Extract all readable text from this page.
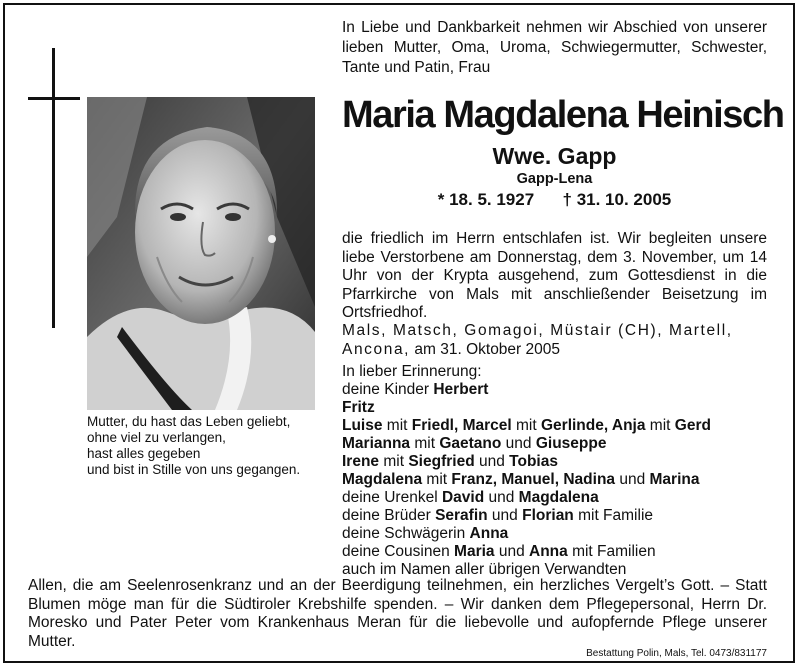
Mutter, du hast das Leben geliebt,
ohne viel zu verlangen,
hast alles gegeben
und bist in Stille von uns gegangen.
In Liebe und Dankbarkeit nehmen wir Abschied von unserer lieben Mutter, Oma, Uroma, Schwiegermutter, Schwester, Tante und Patin, Frau
Maria Magdalena Heinisch
Wwe. Gapp
Gapp-Lena
* 18. 5. 1927 † 31. 10. 2005
die friedlich im Herrn entschlafen ist. Wir begleiten unsere liebe Verstorbene am Donnerstag, dem 3. November, um 14 Uhr von der Krypta ausgehend, zum Gottesdienst in die Pfarrkirche von Mals mit anschließender Beisetzung im Ortsfriedhof.
Mals, Matsch, Gomagoi, Müstair (CH), Martell,
Ancona, am 31. Oktober 2005
In lieber Erinnerung:
deine Kinder Herbert
Fritz
Luise mit Friedl, Marcel mit Gerlinde, Anja mit Gerd
Marianna mit Gaetano und Giuseppe
Irene mit Siegfried und Tobias
Magdalena mit Franz, Manuel, Nadina und Marina
deine Urenkel David und Magdalena
deine Brüder Serafin und Florian mit Familie
deine Schwägerin Anna
deine Cousinen Maria und Anna mit Familien
auch im Namen aller übrigen Verwandten
Allen, die am Seelenrosenkranz und an der Beerdigung teilnehmen, ein herzliches Vergelt’s Gott. – Statt Blumen möge man für die Südtiroler Krebshilfe spenden. – Wir danken dem Pflegepersonal, Herrn Dr. Moresko und Pater Peter vom Krankenhaus Meran für die liebevolle und aufopfernde Pflege unserer Mutter.
Bestattung Polin, Mals, Tel. 0473/831177
